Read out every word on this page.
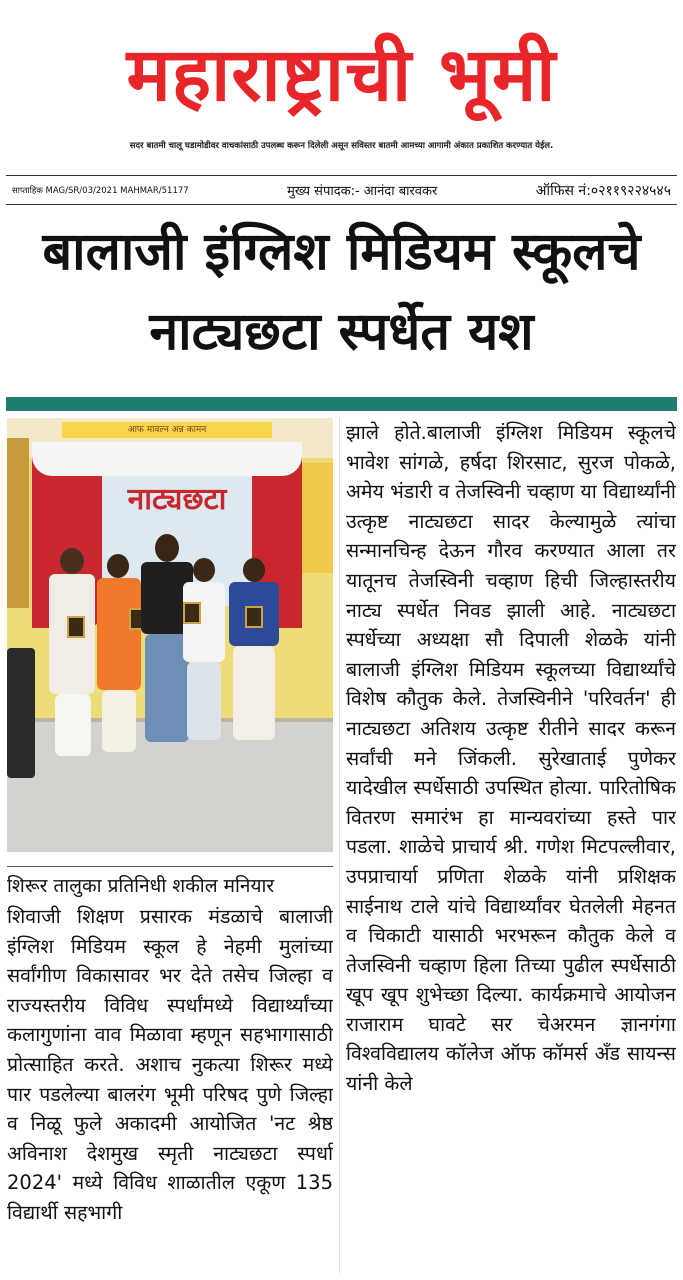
महाराष्ट्राची भूमी
सदर बातमी चालू घडामोडीवर वाचकांसाठी उपलब्ध करून दिलेली असून सविस्तर बातमी आमच्या आगामी अंकात प्रकाशित करण्यात येईल.
साप्ताहिक MAG/SR/03/2021 MAHMAR/51177	मुख्य संपादक:- आनंदा बारवकर	ऑफिस नं:०२११९२२४५४५
बालाजी इंग्लिश मिडियम स्कूलचे
नाट्यछटा स्पर्धेत यश
आफ मावल्न अन्न कामन
नाट्यछटा
शिरूर तालुका प्रतिनिधी शकील मनियार
शिवाजी शिक्षण प्रसारक मंडळाचे बालाजी इंग्लिश मिडियम स्कूल हे नेहमी मुलांच्या सर्वांगीण विकासावर भर देते तसेच जिल्हा व राज्यस्तरीय विविध स्पर्धांमध्ये विद्यार्थ्यांच्या कलागुणांना वाव मिळावा म्हणून सहभागासाठी प्रोत्साहित करते. अशाच नुकत्या शिरूर मध्ये पार पडलेल्या बालरंग भूमी परिषद पुणे जिल्हा व निळू फुले अकादमी आयोजित 'नट श्रेष्ठ अविनाश देशमुख स्मृती नाट्यछटा स्पर्धा 2024' मध्ये विविध शाळातील एकूण 135 विद्यार्थी सहभागी
झाले होते.बालाजी इंग्लिश मिडियम स्कूलचे भावेश सांगळे, हर्षदा शिरसाट, सुरज पोकळे, अमेय भंडारी व तेजस्विनी चव्हाण या विद्यार्थ्यांनी उत्कृष्ट नाट्यछटा सादर केल्यामुळे त्यांचा सन्मानचिन्ह देऊन गौरव करण्यात आला तर यातूनच तेजस्विनी चव्हाण हिची जिल्हास्तरीय नाट्य स्पर्धेत निवड झाली आहे. नाट्यछटा स्पर्धेच्या अध्यक्षा सौ दिपाली शेळके यांनी बालाजी इंग्लिश मिडियम स्कूलच्या विद्यार्थ्यांचे विशेष कौतुक केले. तेजस्विनीने 'परिवर्तन' ही नाट्यछटा अतिशय उत्कृष्ट रीतीने सादर करून सर्वांची मने जिंकली. सुरेखाताई पुणेकर यादेखील स्पर्धेसाठी उपस्थित होत्या. पारितोषिक वितरण समारंभ हा मान्यवरांच्या हस्ते पार पडला. शाळेचे प्राचार्य श्री. गणेश मिटपल्लीवार, उपप्राचार्या प्रणिता शेळके यांनी प्रशिक्षक साईनाथ टाले यांचे विद्यार्थ्यांवर घेतलेली मेहनत व चिकाटी यासाठी भरभरून कौतुक केले व तेजस्विनी चव्हाण हिला तिच्या पुढील स्पर्धेसाठी खूप खूप शुभेच्छा दिल्या. कार्यक्रमाचे आयोजन राजाराम घावटे सर चेअरमन ज्ञानगंगा विश्वविद्यालय कॉलेज ऑफ कॉमर्स अँड सायन्स यांनी केले
